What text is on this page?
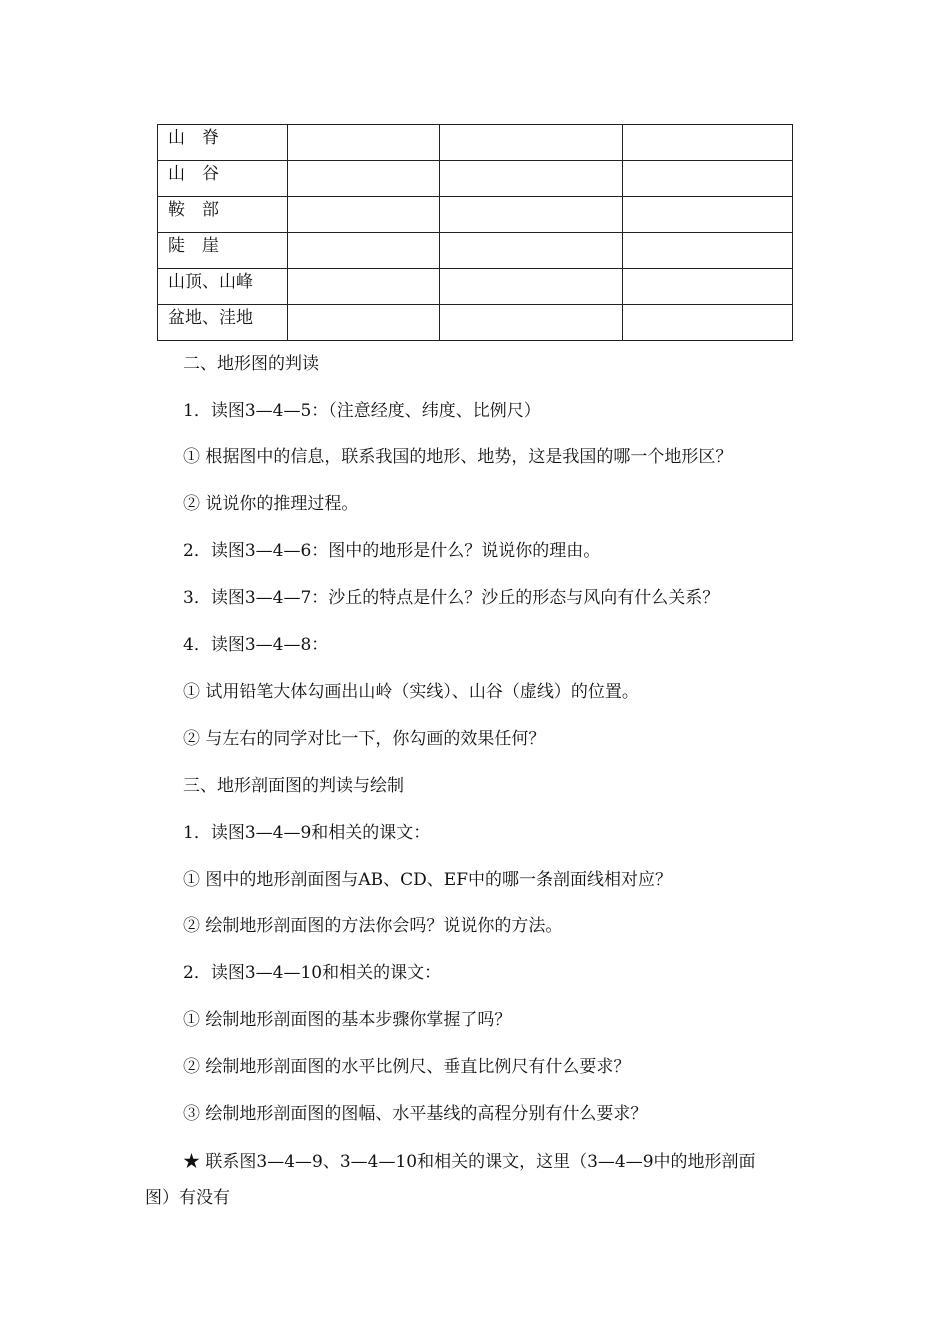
山　脊			
山　谷			
鞍　部			
陡　崖			
山顶、山峰			
盆地、洼地			
二、地形图的判读
1．读图3—4—5：（注意经度、纬度、比例尺）
① 根据图中的信息，联系我国的地形、地势，这是我国的哪一个地形区？
② 说说你的推理过程。
2．读图3—4—6：图中的地形是什么？说说你的理由。
3．读图3—4—7：沙丘的特点是什么？沙丘的形态与风向有什么关系？
4．读图3—4—8：
① 试用铅笔大体勾画出山岭（实线）、山谷（虚线）的位置。
② 与左右的同学对比一下，你勾画的效果任何？
三、地形剖面图的判读与绘制
1．读图3—4—9和相关的课文：
① 图中的地形剖面图与AB、CD、EF中的哪一条剖面线相对应？
② 绘制地形剖面图的方法你会吗？说说你的方法。
2．读图3—4—10和相关的课文：
① 绘制地形剖面图的基本步骤你掌握了吗？
② 绘制地形剖面图的水平比例尺、垂直比例尺有什么要求？
③ 绘制地形剖面图的图幅、水平基线的高程分别有什么要求？
★ 联系图3—4—9、3—4—10和相关的课文，这里（3—4—9中的地形剖面
图）有没有
